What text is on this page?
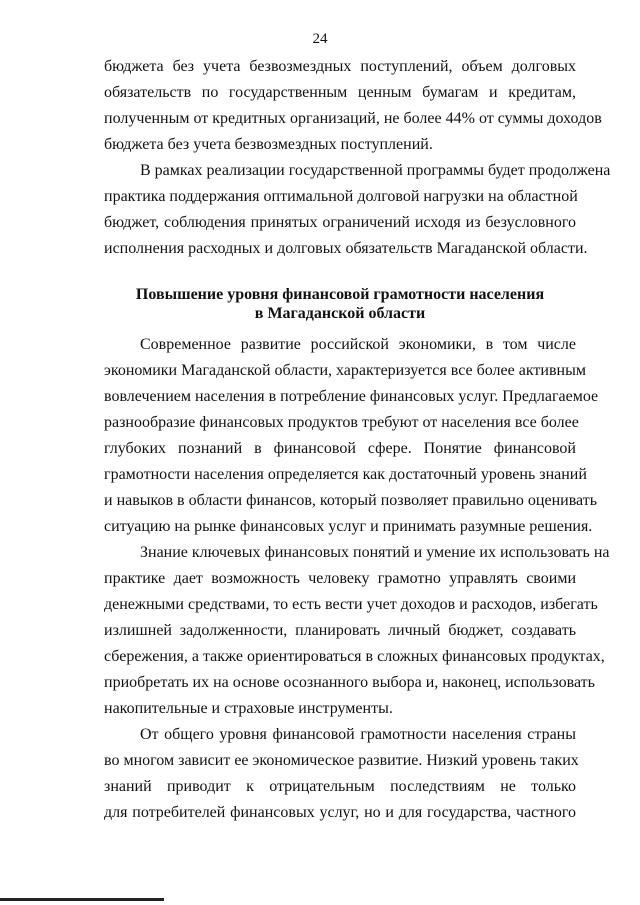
24
бюджета без учета безвозмездных поступлений, объем долговых
обязательств по государственным ценным бумагам и кредитам,
полученным от кредитных организаций, не более 44% от суммы доходов
бюджета без учета безвозмездных поступлений.
В рамках реализации государственной программы будет продолжена
практика поддержания оптимальной долговой нагрузки на областной
бюджет, соблюдения принятых ограничений исходя из безусловного
исполнения расходных и долговых обязательств Магаданской области.
Повышение уровня финансовой грамотности населения
в Магаданской области
Современное развитие российской экономики, в том числе
экономики Магаданской области, характеризуется все более активным
вовлечением населения в потребление финансовых услуг. Предлагаемое
разнообразие финансовых продуктов требуют от населения все более
глубоких познаний в финансовой сфере. Понятие финансовой
грамотности населения определяется как достаточный уровень знаний
и навыков в области финансов, который позволяет правильно оценивать
ситуацию на рынке финансовых услуг и принимать разумные решения.
Знание ключевых финансовых понятий и умение их использовать на
практике дает возможность человеку грамотно управлять своими
денежными средствами, то есть вести учет доходов и расходов, избегать
излишней задолженности, планировать личный бюджет, создавать
сбережения, а также ориентироваться в сложных финансовых продуктах,
приобретать их на основе осознанного выбора и, наконец, использовать
накопительные и страховые инструменты.
От общего уровня финансовой грамотности населения страны
во многом зависит ее экономическое развитие. Низкий уровень таких
знаний приводит к отрицательным последствиям не только
для потребителей финансовых услуг, но и для государства, частного
